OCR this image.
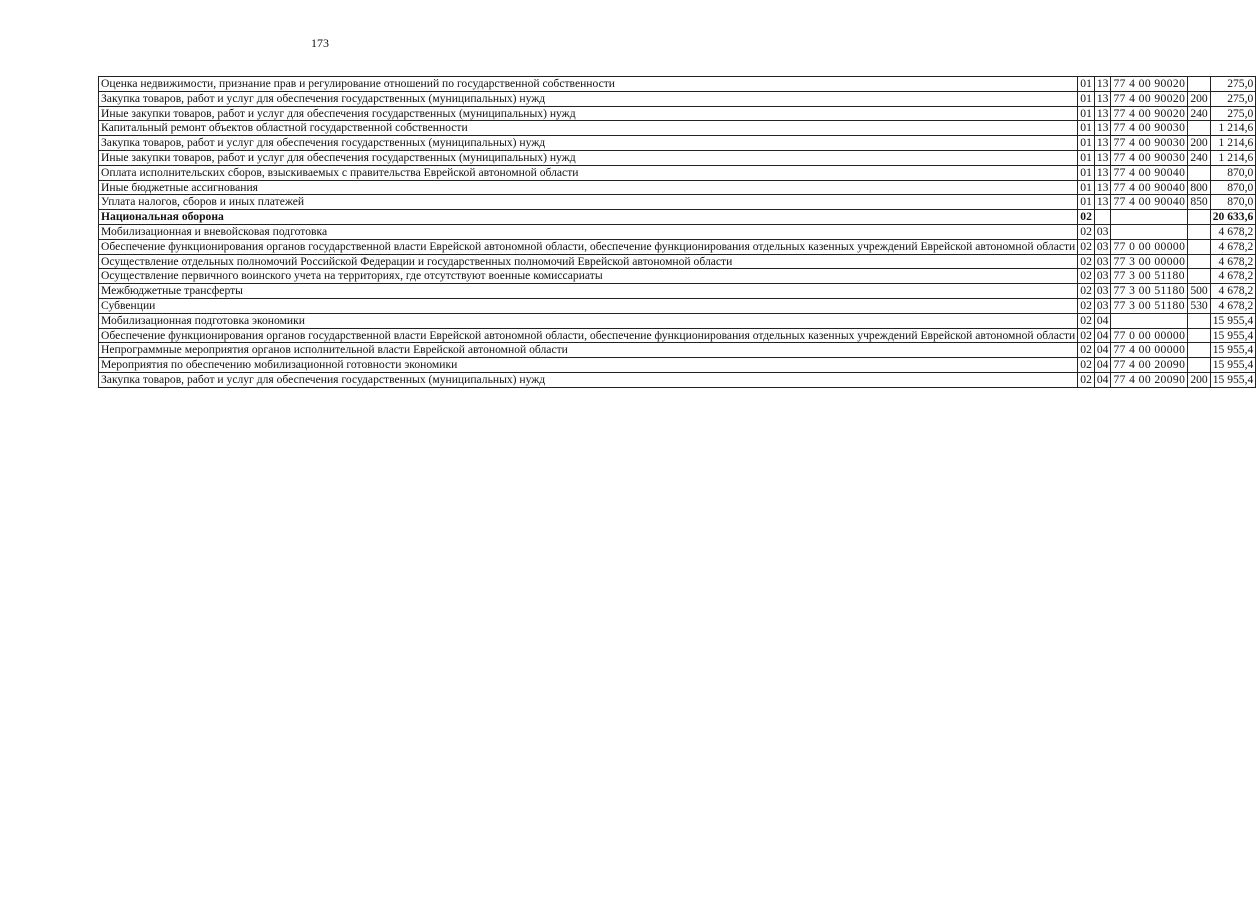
173
Оценка недвижимости, признание прав и регулирование отношений по государственной собственности	01	13	77 4 00 90020		275,0
Закупка товаров, работ и услуг для обеспечения государственных (муниципальных) нужд	01	13	77 4 00 90020	200	275,0
Иные закупки товаров, работ и услуг для обеспечения государственных (муниципальных) нужд	01	13	77 4 00 90020	240	275,0
Капитальный ремонт объектов областной государственной собственности	01	13	77 4 00 90030		1 214,6
Закупка товаров, работ и услуг для обеспечения государственных (муниципальных) нужд	01	13	77 4 00 90030	200	1 214,6
Иные закупки товаров, работ и услуг для обеспечения государственных (муниципальных) нужд	01	13	77 4 00 90030	240	1 214,6
Оплата исполнительских сборов, взыскиваемых с правительства Еврейской автономной области	01	13	77 4 00 90040		870,0
Иные бюджетные ассигнования	01	13	77 4 00 90040	800	870,0
Уплата налогов, сборов и иных платежей	01	13	77 4 00 90040	850	870,0
Национальная оборона	02				20 633,6
Мобилизационная и вневойсковая подготовка	02	03			4 678,2
Обеспечение функционирования органов государственной власти Еврейской автономной области, обеспечение функционирования отдельных казенных учреждений Еврейской автономной области	02	03	77 0 00 00000		4 678,2
Осуществление отдельных полномочий Российской Федерации и государственных полномочий Еврейской автономной области	02	03	77 3 00 00000		4 678,2
Осуществление первичного воинского учета на территориях, где отсутствуют военные комиссариаты	02	03	77 3 00 51180		4 678,2
Межбюджетные трансферты	02	03	77 3 00 51180	500	4 678,2
Субвенции	02	03	77 3 00 51180	530	4 678,2
Мобилизационная подготовка экономики	02	04			15 955,4
Обеспечение функционирования органов государственной власти Еврейской автономной области, обеспечение функционирования отдельных казенных учреждений Еврейской автономной области	02	04	77 0 00 00000		15 955,4
Непрограммные мероприятия органов исполнительной власти Еврейской автономной области	02	04	77 4 00 00000		15 955,4
Мероприятия по обеспечению мобилизационной готовности экономики	02	04	77 4 00 20090		15 955,4
Закупка товаров, работ и услуг для обеспечения государственных (муниципальных) нужд	02	04	77 4 00 20090	200	15 955,4
